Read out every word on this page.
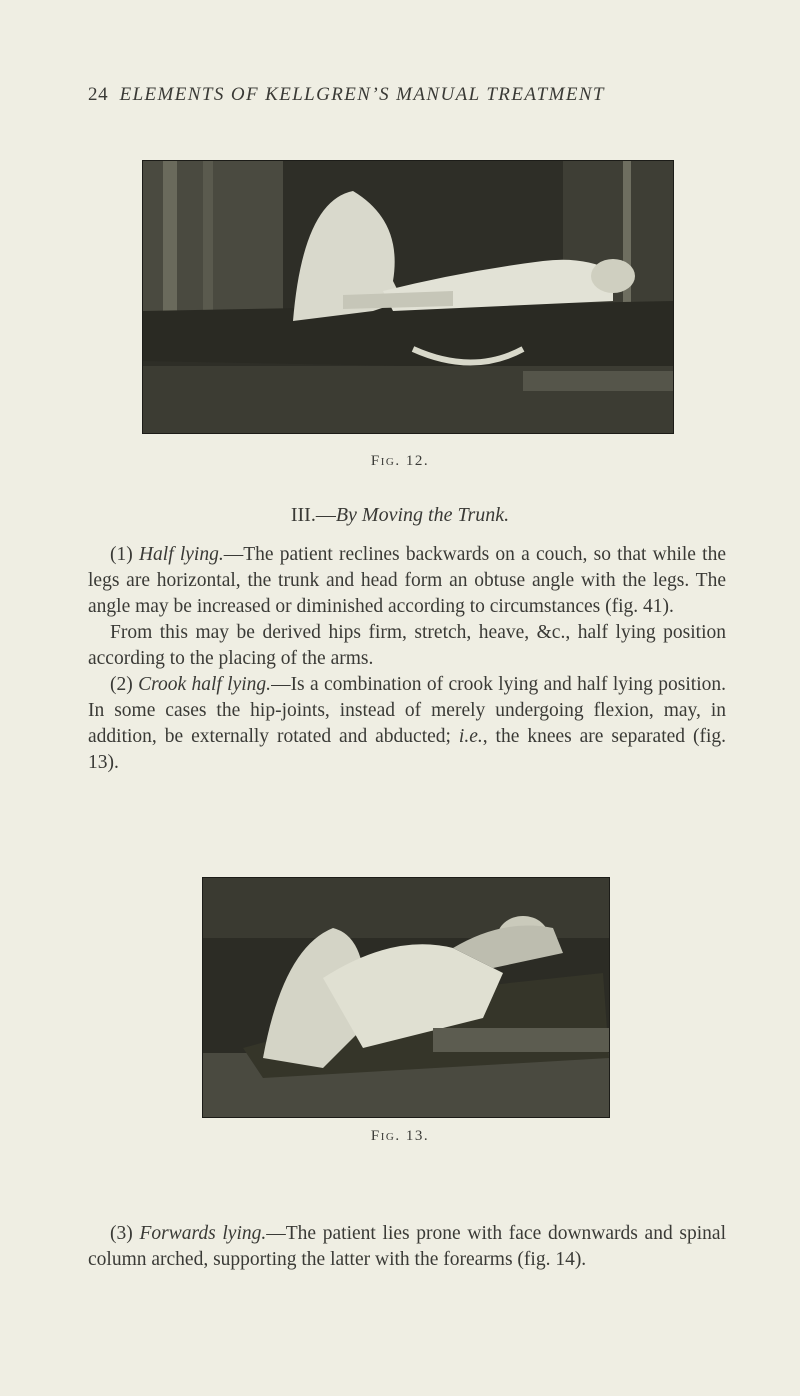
24 ELEMENTS OF KELLGREN’S MANUAL TREATMENT
Fig. 12.
III.—By Moving the Trunk.

(1) Half lying.—The patient reclines backwards on a couch, so that while the legs are horizontal, the trunk and head form an obtuse angle with the legs. The angle may be increased or diminished according to circumstances (fig. 41).

From this may be derived hips firm, stretch, heave, &c., half lying position according to the placing of the arms.

(2) Crook half lying.—Is a combination of crook lying and half lying position. In some cases the hip-joints, instead of merely undergoing flexion, may, in addition, be externally rotated and abducted; i.e., the knees are separated (fig. 13).

Fig. 13.

(3) Forwards lying.—The patient lies prone with face downwards and spinal column arched, supporting the latter with the forearms (fig. 14).
